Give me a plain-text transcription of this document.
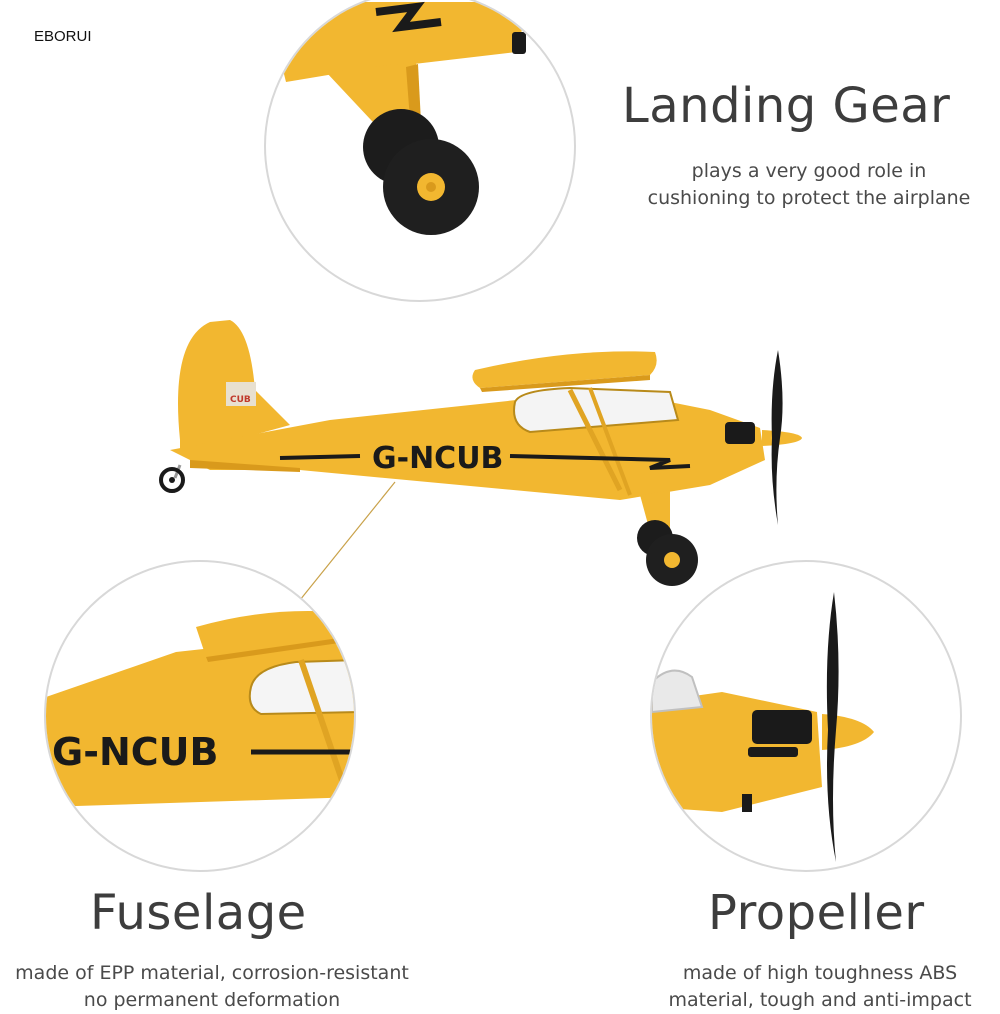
EBORUI
Landing Gear
plays a very good role in
cushioning to protect the airplane
G-NCUB
CUB
G-NCUB
Fuselage
made of EPP material, corrosion-resistant
no permanent deformation
Propeller
made of high toughness ABS
material, tough and anti-impact
